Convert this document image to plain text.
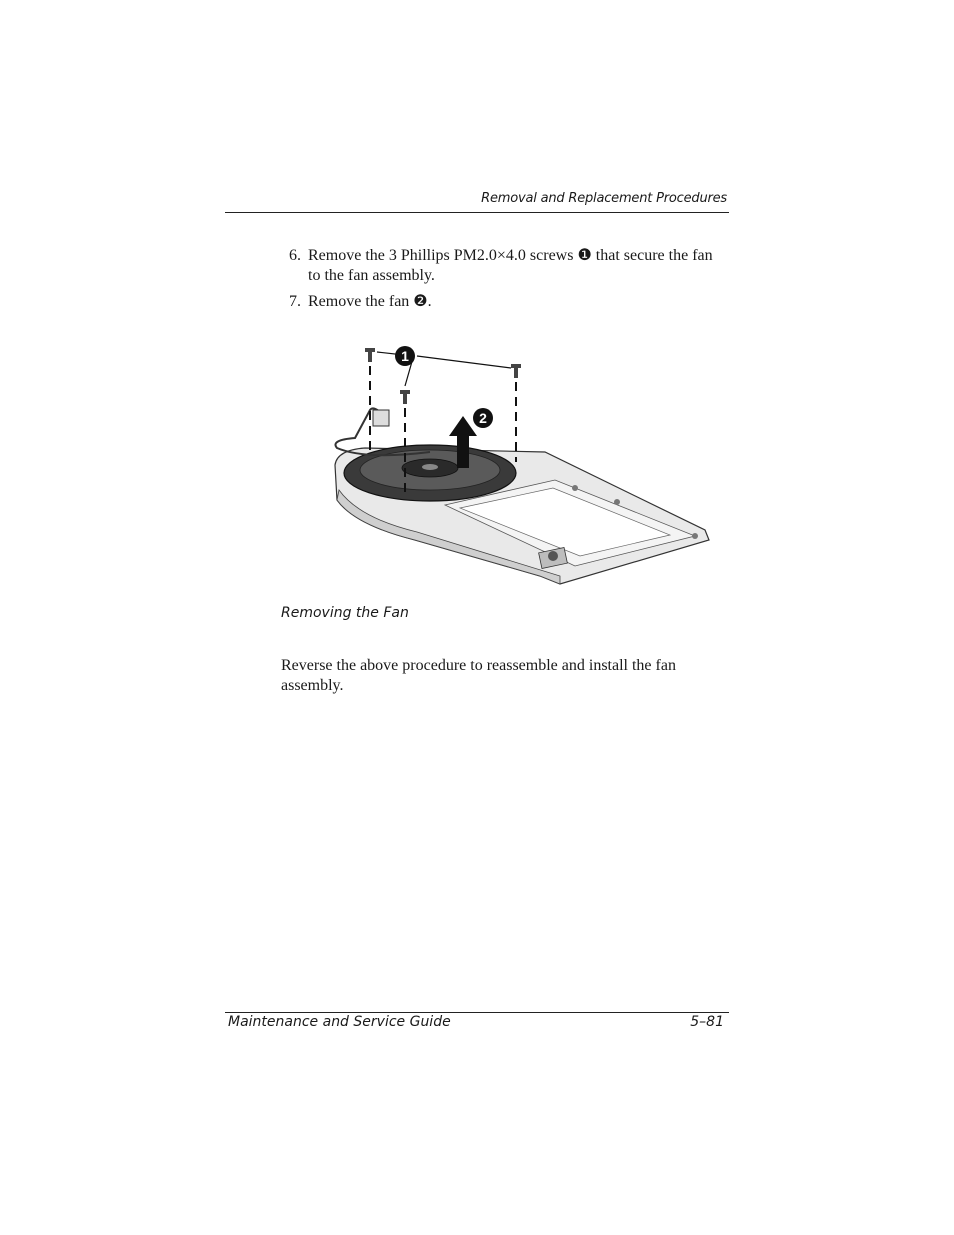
Removal and Replacement Procedures
6. Remove the 3 Phillips PM2.0×4.0 screws ❶ that secure the fan to the fan assembly.
7. Remove the fan ❷.
1
2
Removing the Fan

Reverse the above procedure to reassemble and install the fan assembly.

Maintenance and Service Guide	5–81
